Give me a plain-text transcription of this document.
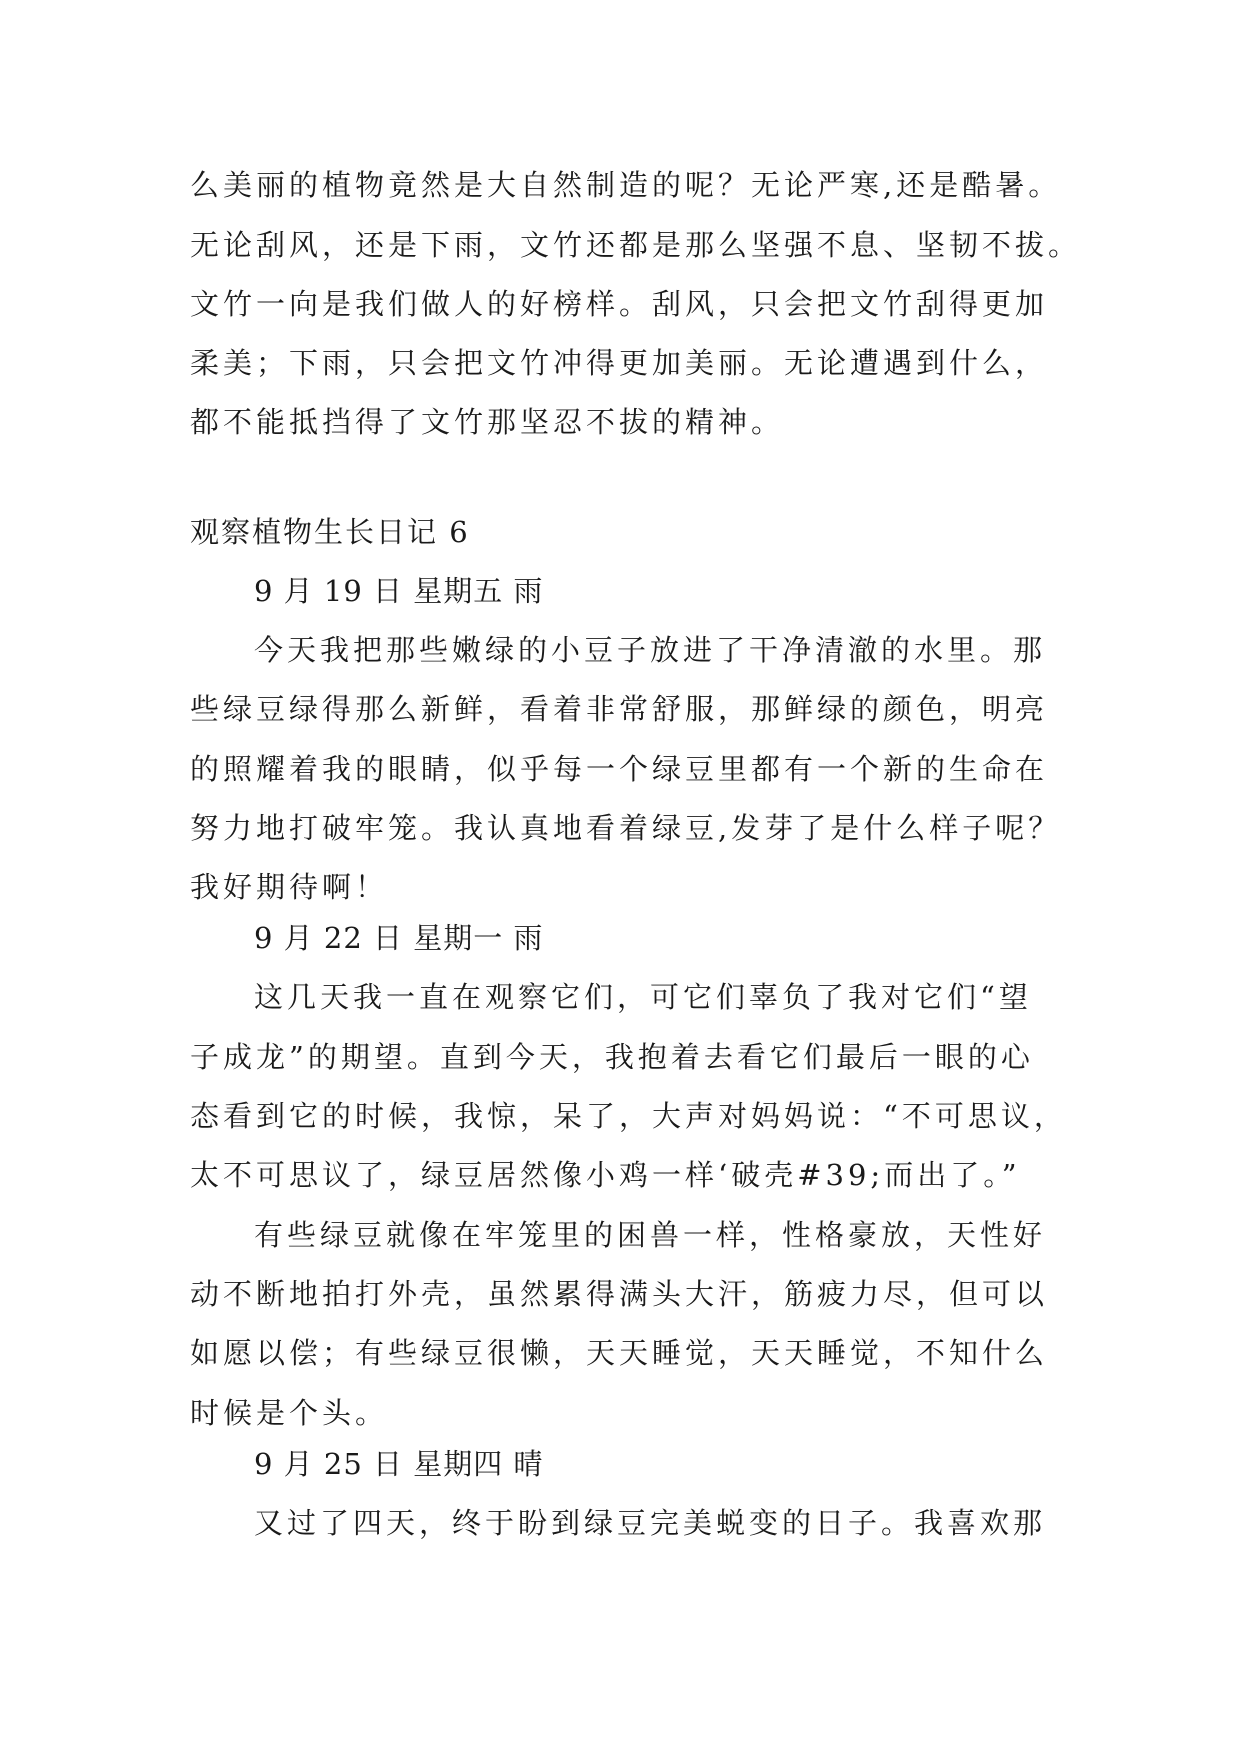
么美丽的植物竟然是大自然制造的呢？无论严寒,还是酷暑。
无论刮风，还是下雨，文竹还都是那么坚强不息、坚韧不拔。
文竹一向是我们做人的好榜样。刮风，只会把文竹刮得更加
柔美；下雨，只会把文竹冲得更加美丽。无论遭遇到什么，
都不能抵挡得了文竹那坚忍不拔的精神。
观察植物生长日记 6
9 月 19 日 星期五 雨
今天我把那些嫩绿的小豆子放进了干净清澈的水里。那
些绿豆绿得那么新鲜，看着非常舒服，那鲜绿的颜色，明亮
的照耀着我的眼睛，似乎每一个绿豆里都有一个新的生命在
努力地打破牢笼。我认真地看着绿豆,发芽了是什么样子呢？
我好期待啊！
9 月 22 日 星期一 雨
这几天我一直在观察它们，可它们辜负了我对它们“望
子成龙”的期望。直到今天，我抱着去看它们最后一眼的心
态看到它的时候，我惊，呆了，大声对妈妈说：“不可思议，
太不可思议了，绿豆居然像小鸡一样‘破壳#39;而出了。”
有些绿豆就像在牢笼里的困兽一样，性格豪放，天性好
动不断地拍打外壳，虽然累得满头大汗，筋疲力尽，但可以
如愿以偿；有些绿豆很懒，天天睡觉，天天睡觉，不知什么
时候是个头。
9 月 25 日 星期四 晴
又过了四天，终于盼到绿豆完美蜕变的日子。我喜欢那
